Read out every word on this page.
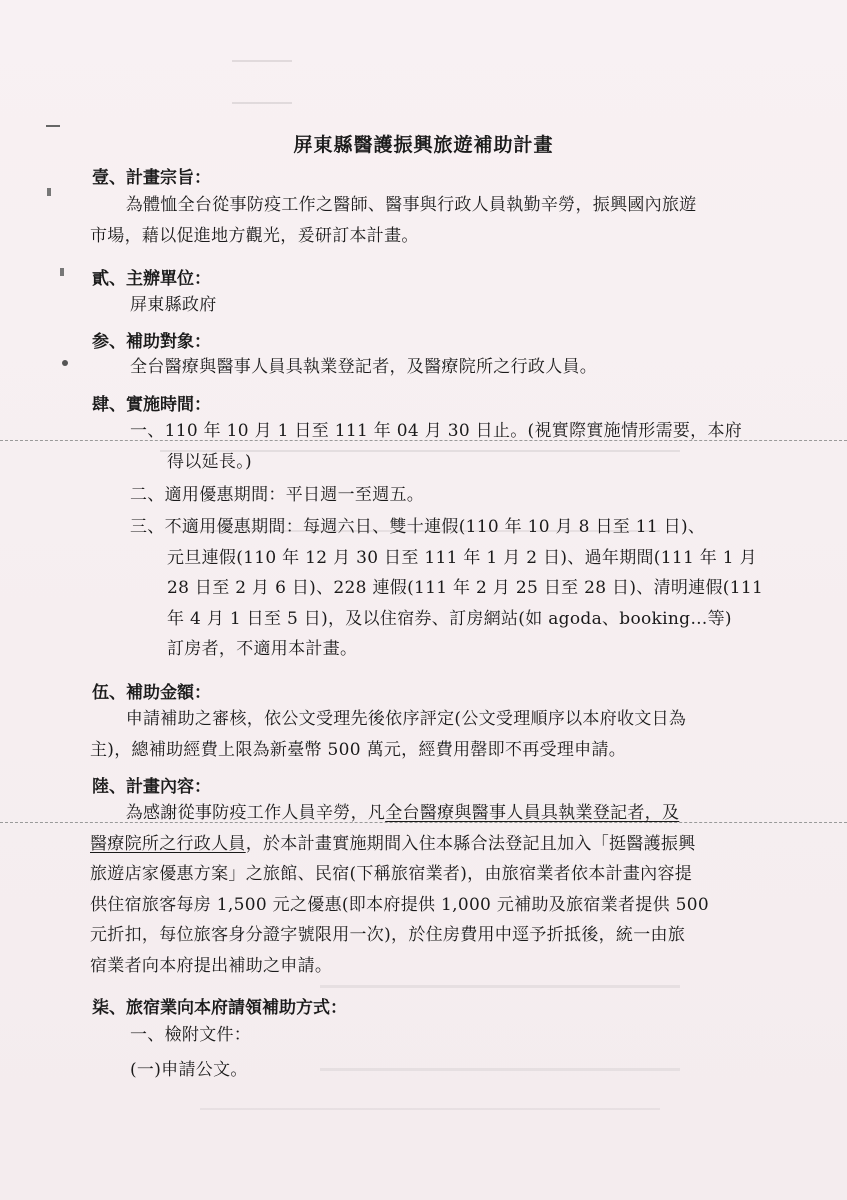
屏東縣醫護振興旅遊補助計畫
壹、計畫宗旨：
為體恤全台從事防疫工作之醫師、醫事與行政人員執勤辛勞，振興國內旅遊
市場，藉以促進地方觀光，爰研訂本計畫。
貳、主辦單位：
屏東縣政府
参、補助對象：
全台醫療與醫事人員具執業登記者，及醫療院所之行政人員。
肆、實施時間：
一、110 年 10 月 1 日至 111 年 04 月 30 日止。(視實際實施情形需要，本府
得以延長。)
二、適用優惠期間：平日週一至週五。
三、不適用優惠期間：每週六日、雙十連假(110 年 10 月 8 日至 11 日)、
元旦連假(110 年 12 月 30 日至 111 年 1 月 2 日)、過年期間(111 年 1 月
28 日至 2 月 6 日)、228 連假(111 年 2 月 25 日至 28 日)、清明連假(111
年 4 月 1 日至 5 日)，及以住宿券、訂房網站(如 agoda、booking…等)
訂房者，不適用本計畫。
伍、補助金額：
申請補助之審核，依公文受理先後依序評定(公文受理順序以本府收文日為
主)，總補助經費上限為新臺幣 500 萬元，經費用罄即不再受理申請。
陸、計畫內容：
為感謝從事防疫工作人員辛勞，凡全台醫療與醫事人員具執業登記者，及
醫療院所之行政人員，於本計畫實施期間入住本縣合法登記且加入「挺醫護振興
旅遊店家優惠方案」之旅館、民宿(下稱旅宿業者)，由旅宿業者依本計畫內容提
供住宿旅客每房 1,500 元之優惠(即本府提供 1,000 元補助及旅宿業者提供 500
元折扣，每位旅客身分證字號限用一次)，於住房費用中逕予折抵後，統一由旅
宿業者向本府提出補助之申請。
柒、旅宿業向本府請領補助方式：
一、檢附文件：
(一)申請公文。
